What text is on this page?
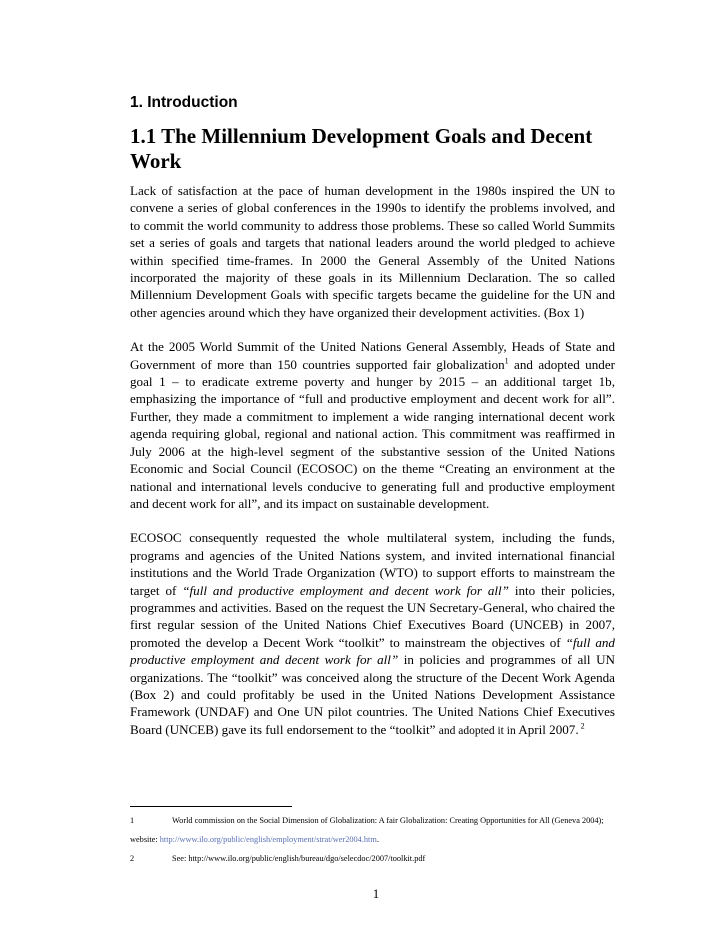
1. Introduction
1.1 The Millennium Development Goals and Decent Work

Lack of satisfaction at the pace of human development in the 1980s inspired the UN to convene a series of global conferences in the 1990s to identify the problems involved, and to commit the world community to address those problems. These so called World Summits set a series of goals and targets that national leaders around the world pledged to achieve within specified time-frames. In 2000 the General Assembly of the United Nations incorporated the majority of these goals in its Millennium Declaration. The so called Millennium Development Goals with specific targets became the guideline for the UN and other agencies around which they have organized their development activities. (Box 1)

At the 2005 World Summit of the United Nations General Assembly, Heads of State and Government of more than 150 countries supported fair globalization$^1$ and adopted under goal 1 – to eradicate extreme poverty and hunger by 2015 – an additional target 1b, emphasizing the importance of “full and productive employment and decent work for all”. Further, they made a commitment to implement a wide ranging international decent work agenda requiring global, regional and national action. This commitment was reaffirmed in July 2006 at the high-level segment of the substantive session of the United Nations Economic and Social Council (ECOSOC) on the theme “Creating an environment at the national and international levels conducive to generating full and productive employment and decent work for all”, and its impact on sustainable development.

ECOSOC consequently requested the whole multilateral system, including the funds, programs and agencies of the United Nations system, and invited international financial institutions and the World Trade Organization (WTO) to support efforts to mainstream the target of “full and productive employment and decent work for all” into their policies, programmes and activities. Based on the request the UN Secretary-General, who chaired the first regular session of the United Nations Chief Executives Board (UNCEB) in 2007, promoted the develop a Decent Work “toolkit” to mainstream the objectives of “full and productive employment and decent work for all” in policies and programmes of all UN organizations. The “toolkit” was conceived along the structure of the Decent Work Agenda (Box 2) and could profitably be used in the United Nations Development Assistance Framework (UNDAF) and One UN pilot countries. The United Nations Chief Executives Board (UNCEB) gave its full endorsement to the “toolkit” and adopted it in April 2007. $^2$

1	World commission on the Social Dimension of Globalization: A fair Globalization: Creating Opportunities for All (Geneva 2004); website: http://www.ilo.org/public/english/employment/strat/wer2004.htm.

2	See: http://www.ilo.org/public/english/bureau/dgo/selecdoc/2007/toolkit.pdf

1
